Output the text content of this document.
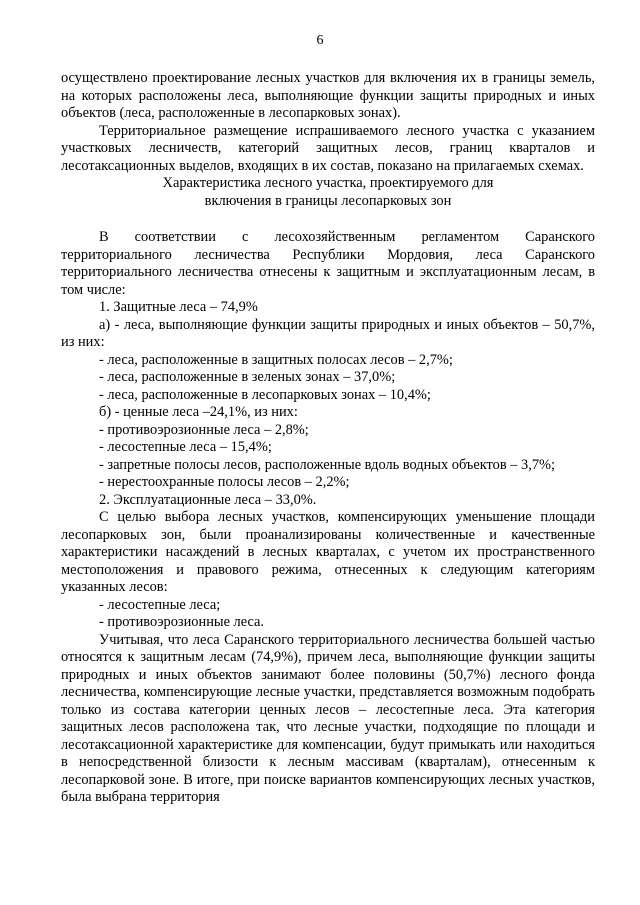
6

осуществлено проектирование лесных участков для включения их в границы земель, на которых расположены леса, выполняющие функции защиты природных и иных объектов (леса, расположенные в лесопарковых зонах).

Территориальное размещение испрашиваемого лесного участка с указанием участковых лесничеств, категорий защитных лесов, границ кварталов и лесотаксационных выделов, входящих в их состав, показано на прилагаемых схемах.

Характеристика лесного участка, проектируемого для

включения в границы лесопарковых зон

В соответствии с лесохозяйственным регламентом Саранского территориального лесничества Республики Мордовия, леса Саранского территориального лесничества отнесены к защитным и эксплуатационным лесам, в том числе:

1. Защитные леса – 74,9%

а) - леса, выполняющие функции защиты природных и иных объектов – 50,7%, из них:

- леса, расположенные в защитных полосах лесов – 2,7%;

- леса, расположенные в зеленых зонах – 37,0%;

- леса, расположенные в лесопарковых зонах – 10,4%;

б) - ценные леса –24,1%, из них:

- противоэрозионные леса – 2,8%;

- лесостепные леса – 15,4%;

- запретные полосы лесов, расположенные вдоль водных объектов – 3,7%;

- нерестоохранные полосы лесов – 2,2%;

2. Эксплуатационные леса – 33,0%.

С целью выбора лесных участков, компенсирующих уменьшение площади лесопарковых зон, были проанализированы количественные и качественные характеристики насаждений в лесных кварталах, с учетом их пространственного местоположения и правового режима, отнесенных к следующим категориям указанных лесов:

- лесостепные леса;

- противоэрозионные леса.

Учитывая, что леса Саранского территориального лесничества большей частью относятся к защитным лесам (74,9%), причем леса, выполняющие функции защиты природных и иных объектов занимают более половины (50,7%) лесного фонда лесничества, компенсирующие лесные участки, представляется возможным подобрать только из состава категории ценных лесов – лесостепные леса. Эта категория защитных лесов расположена так, что лесные участки, подходящие по площади и лесотаксационной характеристике для компенсации, будут примыкать или находиться в непосредственной близости к лесным массивам (кварталам), отнесенным к лесопарковой зоне. В итоге, при поиске вариантов компенсирующих лесных участков, была выбрана территория
